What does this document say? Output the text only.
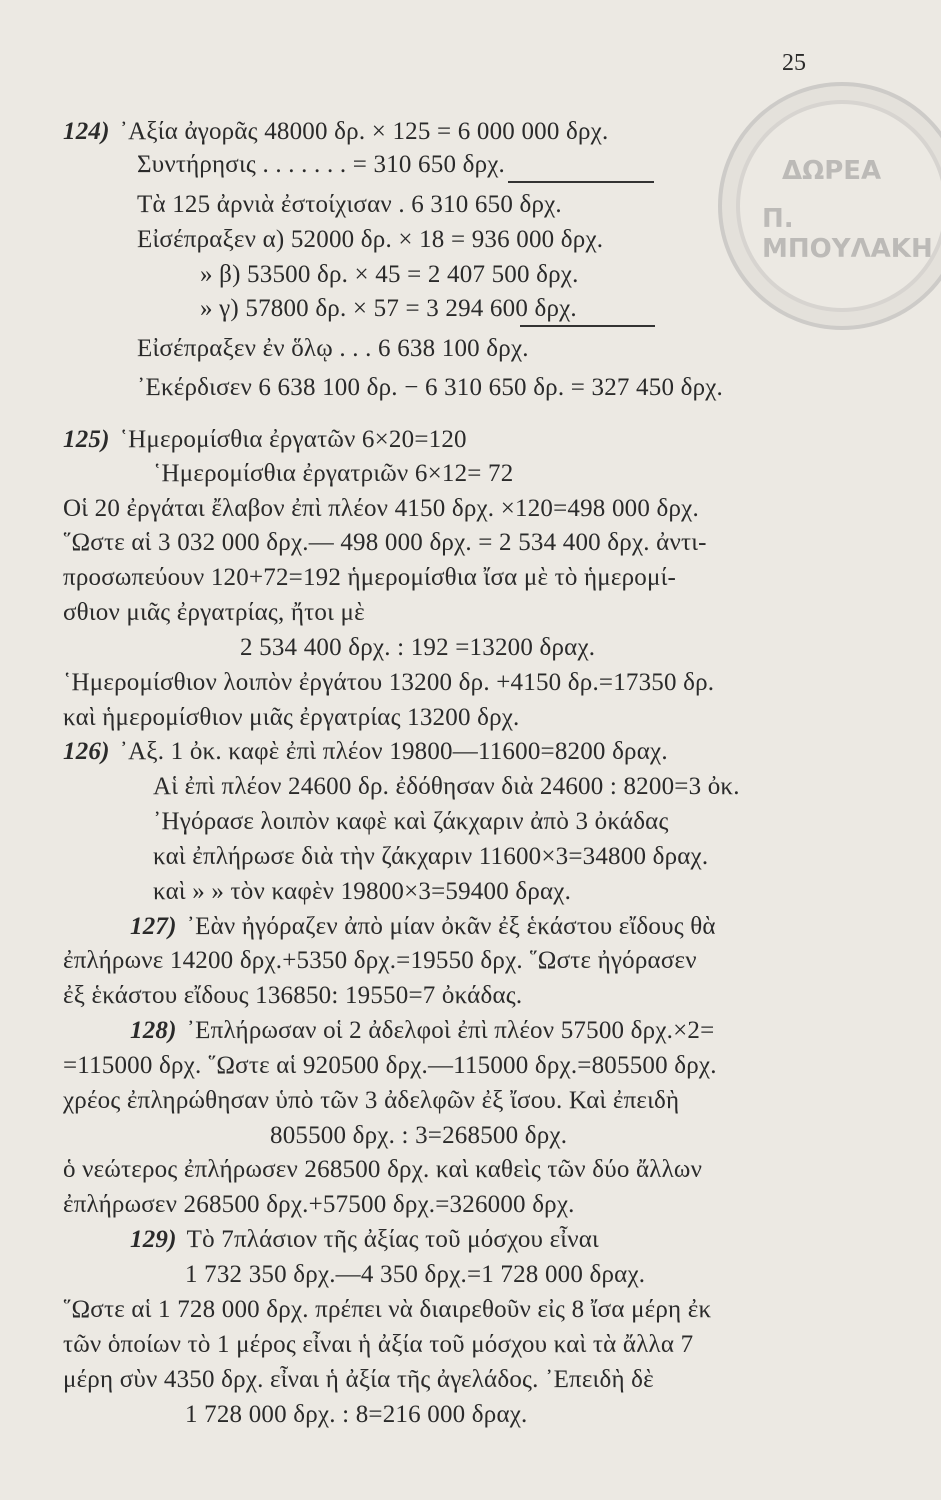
ΔΩΡΕΑ
Π. ΜΠΟΥΛΑΚΗ
25
124) ᾿Αξία ἀγορᾶς 48000 δρ. × 125 = 6 000 000 δρχ.
Συντήρησις . . . . . . . = 310 650 δρχ.
Τὰ 125 ἀρνιὰ ἐστοίχισαν . 6 310 650 δρχ.
Εἰσέπραξεν α) 52000 δρ. × 18 = 936 000 δρχ.
» β) 53500 δρ. × 45 = 2 407 500 δρχ.
» γ) 57800 δρ. × 57 = 3 294 600 δρχ.
Εἰσέπραξεν ἐν ὅλῳ . . . 6 638 100 δρχ.
᾿Εκέρδισεν 6 638 100 δρ. − 6 310 650 δρ. = 327 450 δρχ.
125) ῾Ημερομίσθια ἐργατῶν 6×20=120
῾Ημερομίσθια ἐργατριῶν 6×12= 72
Οἱ 20 ἐργάται ἔλαβον ἐπὶ πλέον 4150 δρχ. ×120=498 000 δρχ.
῞Ωστε αἱ 3 032 000 δρχ.— 498 000 δρχ. = 2 534 400 δρχ. ἀντι-
προσωπεύουν 120+72=192 ἡμερομίσθια ἴσα μὲ τὸ ἡμερομί-
σθιον μιᾶς ἐργατρίας, ἤτοι μὲ
2 534 400 δρχ. : 192 =13200 δραχ.
῾Ημερομίσθιον λοιπὸν ἐργάτου 13200 δρ. +4150 δρ.=17350 δρ.
καὶ ἡμερομίσθιον μιᾶς ἐργατρίας 13200 δρχ.
126) ᾿Αξ. 1 ὀκ. καφὲ ἐπὶ πλέον 19800—11600=8200 δραχ.
Αἱ ἐπὶ πλέον 24600 δρ. ἐδόθησαν διὰ 24600 : 8200=3 ὀκ.
᾿Ηγόρασε λοιπὸν καφὲ καὶ ζάκχαριν ἀπὸ 3 ὀκάδας
καὶ ἐπλήρωσε διὰ τὴν ζάκχαριν 11600×3=34800 δραχ.
καὶ » » τὸν καφὲν 19800×3=59400 δραχ.
127) ᾿Εὰν ἠγόραζεν ἀπὸ μίαν ὀκᾶν ἐξ ἑκάστου εἴδους θὰ
ἐπλήρωνε 14200 δρχ.+5350 δρχ.=19550 δρχ. ῞Ωστε ἠγόρασεν
ἐξ ἑκάστου εἴδους 136850: 19550=7 ὀκάδας.
128) ᾿Επλήρωσαν οἱ 2 ἀδελφοὶ ἐπὶ πλέον 57500 δρχ.×2=
=115000 δρχ. ῞Ωστε αἱ 920500 δρχ.—115000 δρχ.=805500 δρχ.
χρέος ἐπληρώθησαν ὑπὸ τῶν 3 ἀδελφῶν ἐξ ἴσου. Καὶ ἐπειδὴ
805500 δρχ. : 3=268500 δρχ.
ὁ νεώτερος ἐπλήρωσεν 268500 δρχ. καὶ καθεὶς τῶν δύο ἄλλων
ἐπλήρωσεν 268500 δρχ.+57500 δρχ.=326000 δρχ.
129) Τὸ 7πλάσιον τῆς ἀξίας τοῦ μόσχου εἶναι
1 732 350 δρχ.—4 350 δρχ.=1 728 000 δραχ.
῞Ωστε αἱ 1 728 000 δρχ. πρέπει νὰ διαιρεθοῦν εἰς 8 ἴσα μέρη ἐκ
τῶν ὁποίων τὸ 1 μέρος εἶναι ἡ ἀξία τοῦ μόσχου καὶ τὰ ἄλλα 7
μέρη σὺν 4350 δρχ. εἶναι ἡ ἀξία τῆς ἀγελάδος. ᾿Επειδὴ δὲ
1 728 000 δρχ. : 8=216 000 δραχ.
